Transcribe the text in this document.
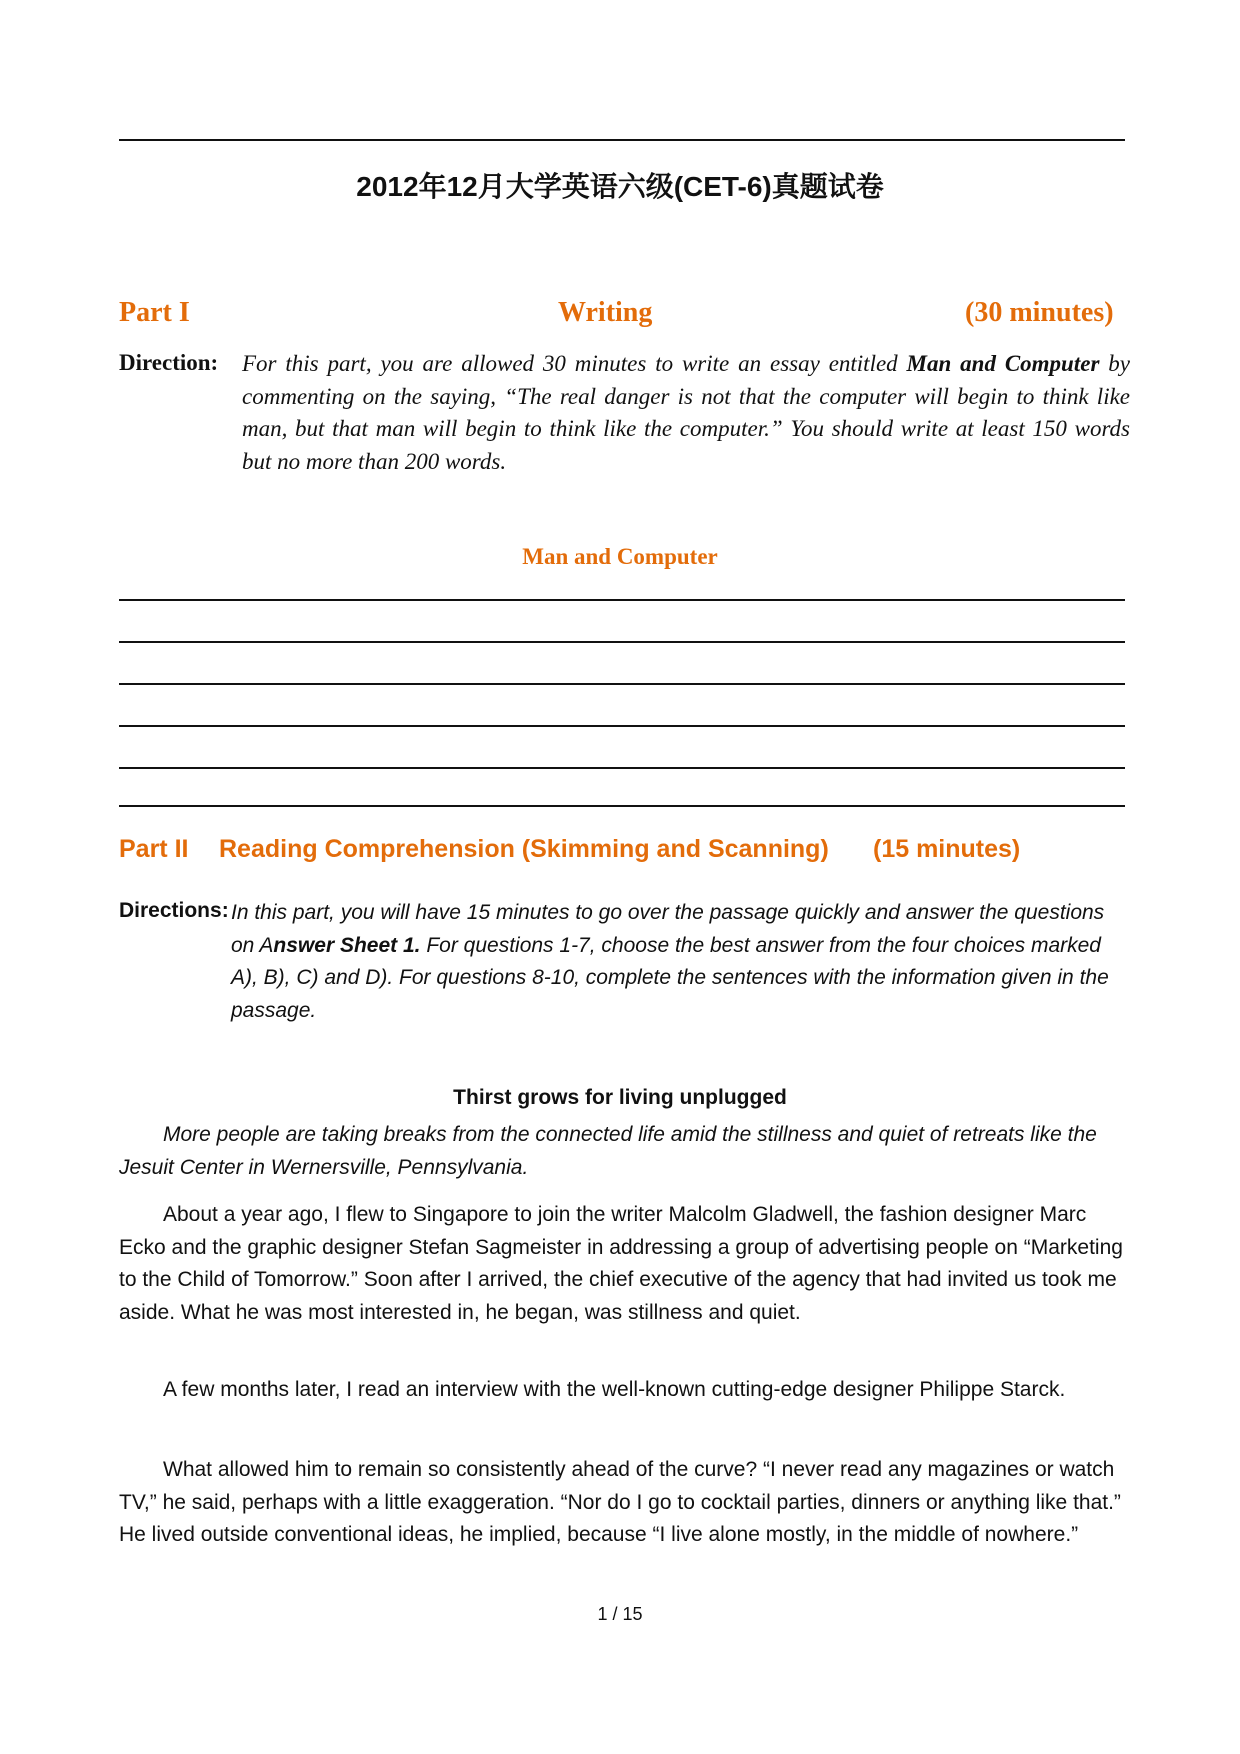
2012年12月大学英语六级(CET-6)真题试卷
Part I	Writing	(30 minutes)
Direction: For this part, you are allowed 30 minutes to write an essay entitled Man and Computer by commenting on the saying, “The real danger is not that the computer will begin to think like man, but that man will begin to think like the computer.” You should write at least 150 words but no more than 200 words.
Man and Computer
Part II Reading Comprehension (Skimming and Scanning) (15 minutes)
Directions: In this part, you will have 15 minutes to go over the passage quickly and answer the questions on Answer Sheet 1. For questions 1-7, choose the best answer from the four choices marked A), B), C) and D). For questions 8-10, complete the sentences with the information given in the passage.
Thirst grows for living unplugged
More people are taking breaks from the connected life amid the stillness and quiet of retreats like the Jesuit Center in Wernersville, Pennsylvania.
About a year ago, I flew to Singapore to join the writer Malcolm Gladwell, the fashion designer Marc Ecko and the graphic designer Stefan Sagmeister in addressing a group of advertising people on “Marketing to the Child of Tomorrow.” Soon after I arrived, the chief executive of the agency that had invited us took me aside. What he was most interested in, he began, was stillness and quiet.
A few months later, I read an interview with the well-known cutting-edge designer Philippe Starck.
What allowed him to remain so consistently ahead of the curve? “I never read any magazines or watch TV,” he said, perhaps with a little exaggeration. “Nor do I go to cocktail parties, dinners or anything like that.” He lived outside conventional ideas, he implied, because “I live alone mostly, in the middle of nowhere.”
1 / 15
